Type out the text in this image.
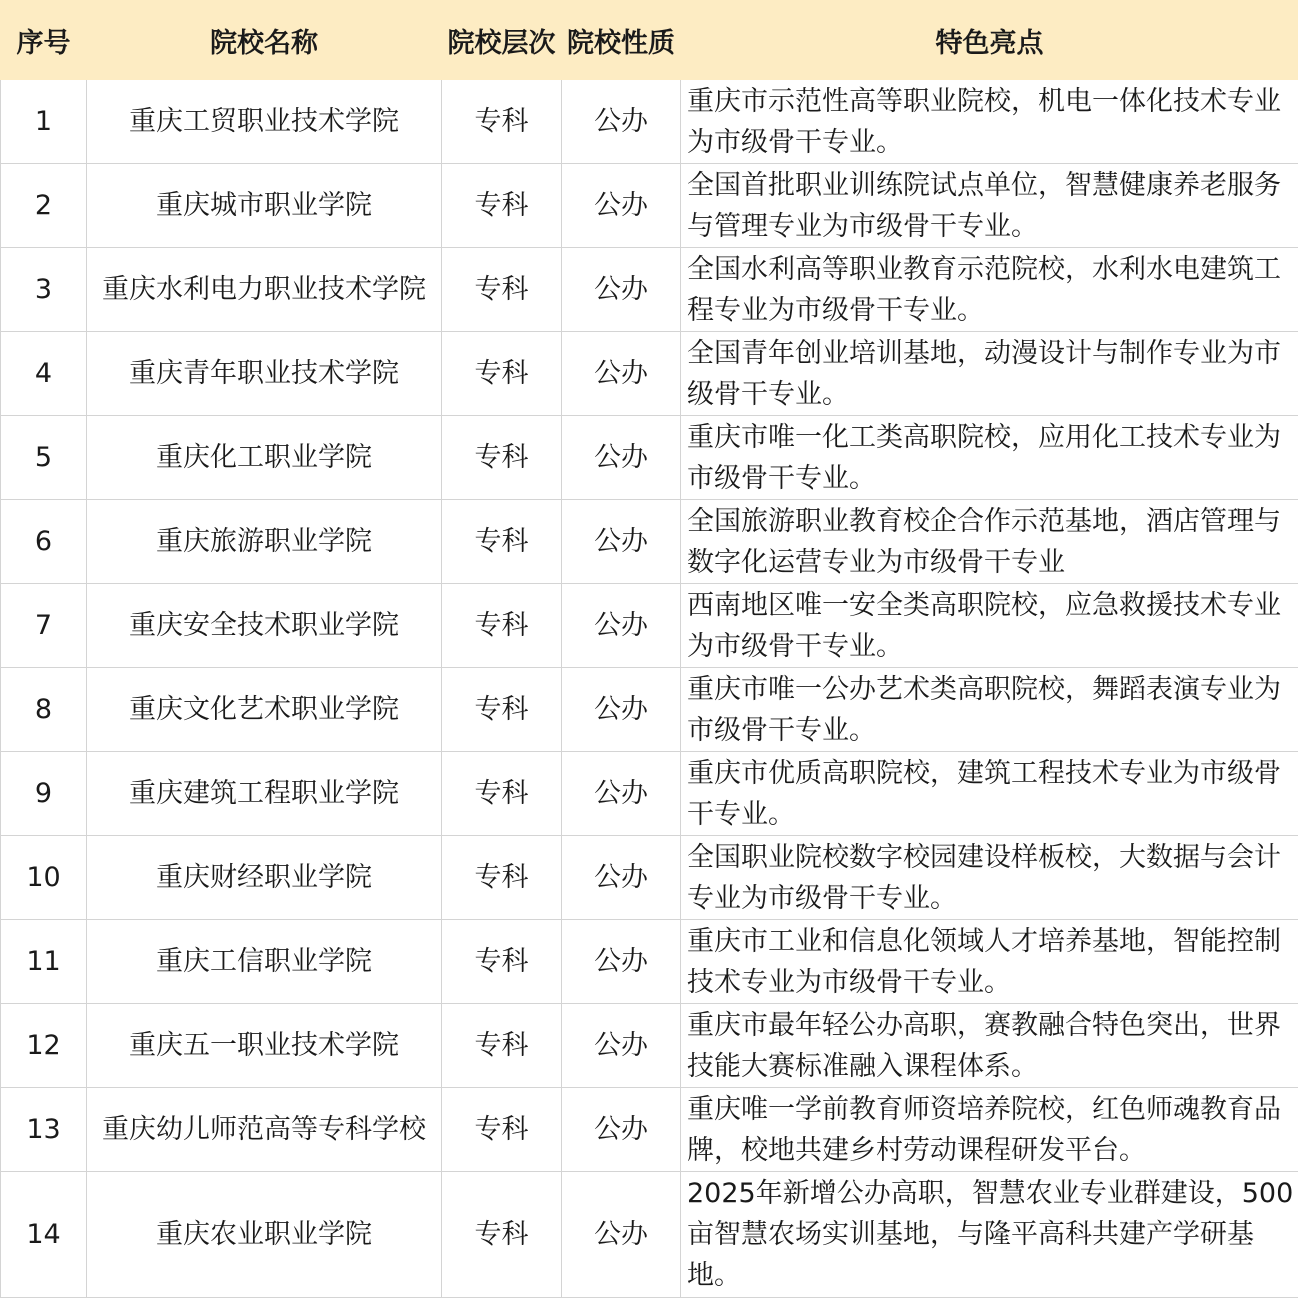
序号	院校名称	院校层次	院校性质	特色亮点
1	重庆工贸职业技术学院	专科	公办	重庆市示范性高等职业院校，机电一体化技术专业为市级骨干专业。
2	重庆城市职业学院	专科	公办	全国首批职业训练院试点单位，智慧健康养老服务与管理专业为市级骨干专业。
3	重庆水利电力职业技术学院	专科	公办	全国水利高等职业教育示范院校，水利水电建筑工程专业为市级骨干专业。
4	重庆青年职业技术学院	专科	公办	全国青年创业培训基地，动漫设计与制作专业为市级骨干专业。
5	重庆化工职业学院	专科	公办	重庆市唯一化工类高职院校，应用化工技术专业为市级骨干专业。
6	重庆旅游职业学院	专科	公办	全国旅游职业教育校企合作示范基地，酒店管理与数字化运营专业为市级骨干专业
7	重庆安全技术职业学院	专科	公办	西南地区唯一安全类高职院校，应急救援技术专业为市级骨干专业。
8	重庆文化艺术职业学院	专科	公办	重庆市唯一公办艺术类高职院校，舞蹈表演专业为市级骨干专业。
9	重庆建筑工程职业学院	专科	公办	重庆市优质高职院校，建筑工程技术专业为市级骨干专业。
10	重庆财经职业学院	专科	公办	全国职业院校数字校园建设样板校，大数据与会计专业为市级骨干专业。
11	重庆工信职业学院	专科	公办	重庆市工业和信息化领域人才培养基地，智能控制技术专业为市级骨干专业。
12	重庆五一职业技术学院	专科	公办	重庆市最年轻公办高职，赛教融合特色突出，世界技能大赛标准融入课程体系。
13	重庆幼儿师范高等专科学校	专科	公办	重庆唯一学前教育师资培养院校，红色师魂教育品牌，校地共建乡村劳动课程研发平台。
14	重庆农业职业学院	专科	公办	2025年新增公办高职，智慧农业专业群建设，500亩智慧农场实训基地，与隆平高科共建产学研基地。
